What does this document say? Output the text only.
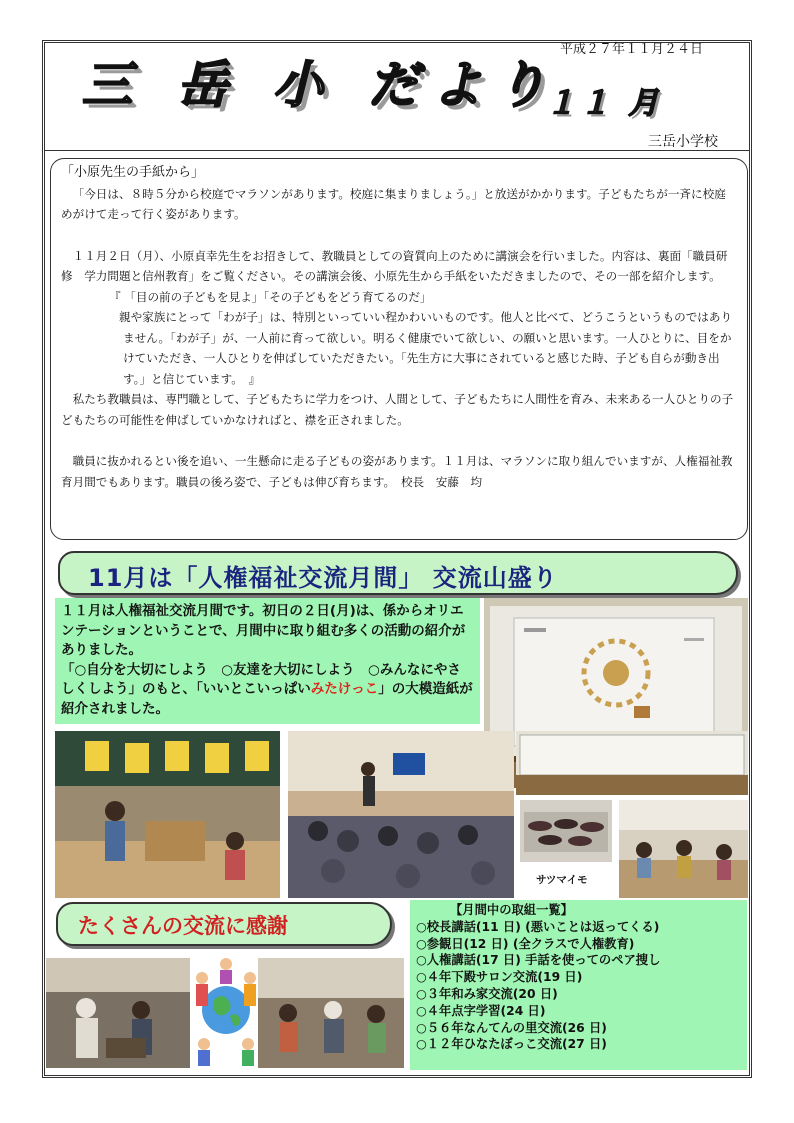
平成２７年１１月２４日
三 岳 小 だより
１１ 月
三岳小学校

「小原先生の手紙から」

「今日は、８時５分から校庭でマラソンがあります。校庭に集まりましょう。」と放送がかかります。子どもたちが一斉に校庭めがけて走って行く姿があります。

１１月２日（月）、小原貞幸先生をお招きして、教職員としての資質向上のために講演会を行いました。内容は、裏面「職員研修　学力問題と信州教育」をご覧ください。その講演会後、小原先生から手紙をいただきましたので、その一部を紹介します。

『 「目の前の子どもを見よ」「その子どもをどう育てるのだ」

親や家族にとって「わが子」は、特別といっていい程かわいいものです。他人と比べて、どうこうというものではありません。「わが子」が、一人前に育って欲しい。明るく健康でいて欲しい、の願いと思います。一人ひとりに、目をかけていただき、一人ひとりを伸ばしていただきたい。「先生方に大事にされていると感じた時、子ども自らが動き出す。」と信じています。　』

私たち教職員は、専門職として、子どもたちに学力をつけ、人間として、子どもたちに人間性を育み、未来ある一人ひとりの子どもたちの可能性を伸ばしていかなければと、襟を正されました。

職員に抜かれるとい後を追い、一生懸命に走る子どもの姿があります。１１月は、マラソンに取り組んでいますが、人権福祉教育月間でもあります。職員の後ろ姿で、子どもは伸び育ちます。　 校長　安藤　均

11月は「人権福祉交流月間」 交流山盛り

１１月は人権福祉交流月間です。初日の２日(月)は、係からオリエンテーションということで、月間中に取り組む多くの活動の紹介がありました。

「○自分を大切にしよう　○友達を大切にしよう　○みんなにやさしくしよう」のもと、「いいとこいっぱいみたけっこ」の大模造紙が紹介されました。

サツマイモ
たくさんの交流に感謝
【月間中の取組一覧】
○校長講話(11 日) (悪いことは返ってくる)
○参観日(12 日) (全クラスで人権教育)
○人権講話(17 日) 手話を使ってのペア捜し
○４年下殿サロン交流(19 日)
○３年和み家交流(20 日)
○４年点字学習(24 日)
○５６年なんてんの里交流(26 日)
○１２年ひなたぼっこ交流(27 日)
